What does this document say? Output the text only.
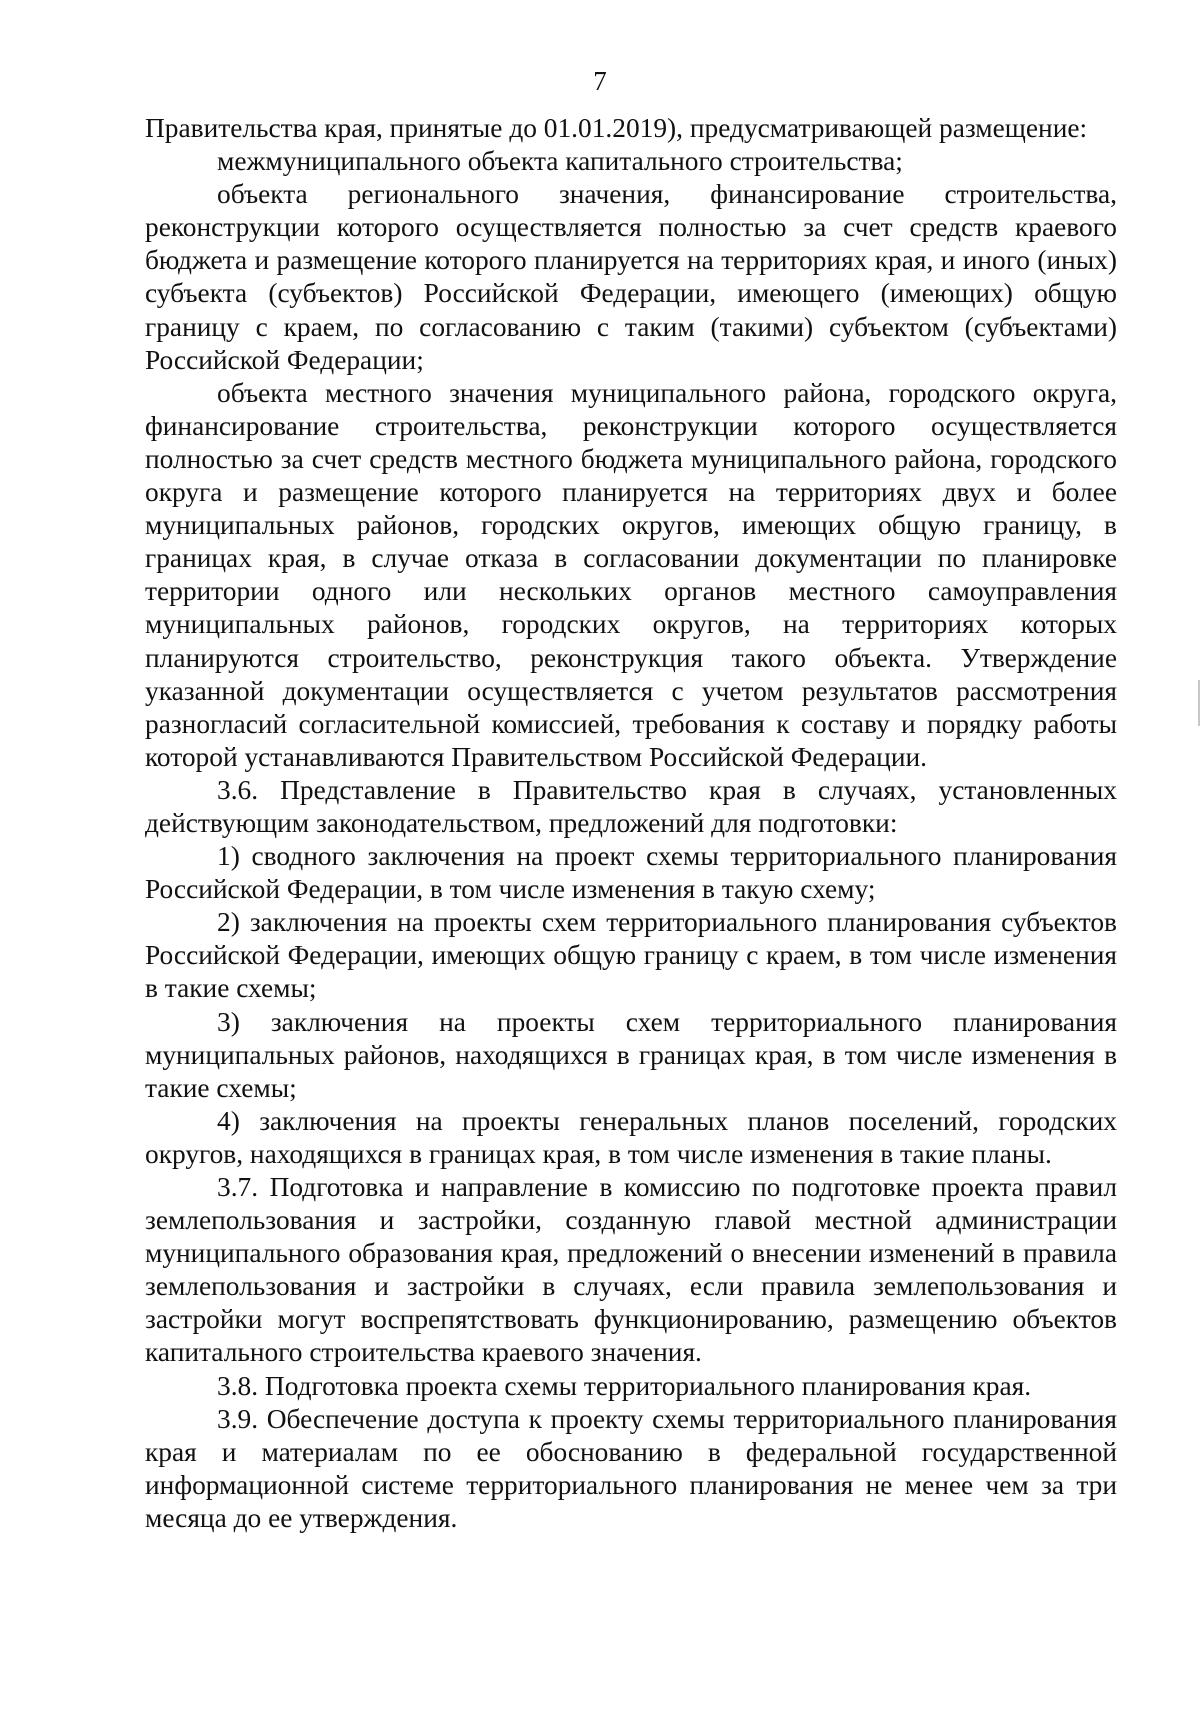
7

Правительства края, принятые до 01.01.2019), предусматривающей размещение:

межмуниципального объекта капитального строительства;

объекта регионального значения, финансирование строительства, реконструкции которого осуществляется полностью за счет средств краевого бюджета и размещение которого планируется на территориях края, и иного (иных) субъекта (субъектов) Российской Федерации, имеющего (имеющих) общую границу с краем, по согласованию с таким (такими) субъектом (субъектами) Российской Федерации;

объекта местного значения муниципального района, городского округа, финансирование строительства, реконструкции которого осуществляется полностью за счет средств местного бюджета муниципального района, городского округа и размещение которого планируется на территориях двух и более муниципальных районов, городских округов, имеющих общую границу, в границах края, в случае отказа в согласовании документации по планировке территории одного или нескольких органов местного самоуправления муниципальных районов, городских округов, на территориях которых планируются строительство, реконструкция такого объекта. Утверждение указанной документации осуществляется с учетом результатов рассмотрения разногласий согласительной комиссией, требования к составу и порядку работы которой устанавливаются Правительством Российской Федерации.

3.6. Представление в Правительство края в случаях, установленных действующим законодательством, предложений для подготовки:

1) сводного заключения на проект схемы территориального планирования Российской Федерации, в том числе изменения в такую схему;

2) заключения на проекты схем территориального планирования субъектов Российской Федерации, имеющих общую границу с краем, в том числе изменения в такие схемы;

3) заключения на проекты схем территориального планирования муниципальных районов, находящихся в границах края, в том числе изменения в такие схемы;

4) заключения на проекты генеральных планов поселений, городских округов, находящихся в границах края, в том числе изменения в такие планы.

3.7. Подготовка и направление в комиссию по подготовке проекта правил землепользования и застройки, созданную главой местной администрации муниципального образования края, предложений о внесении изменений в правила землепользования и застройки в случаях, если правила землепользования и застройки могут воспрепятствовать функционированию, размещению объектов капитального строительства краевого значения.

3.8. Подготовка проекта схемы территориального планирования края.

3.9. Обеспечение доступа к проекту схемы территориального планирования края и материалам по ее обоснованию в федеральной государственной информационной системе территориального планирования не менее чем за три месяца до ее утверждения.
